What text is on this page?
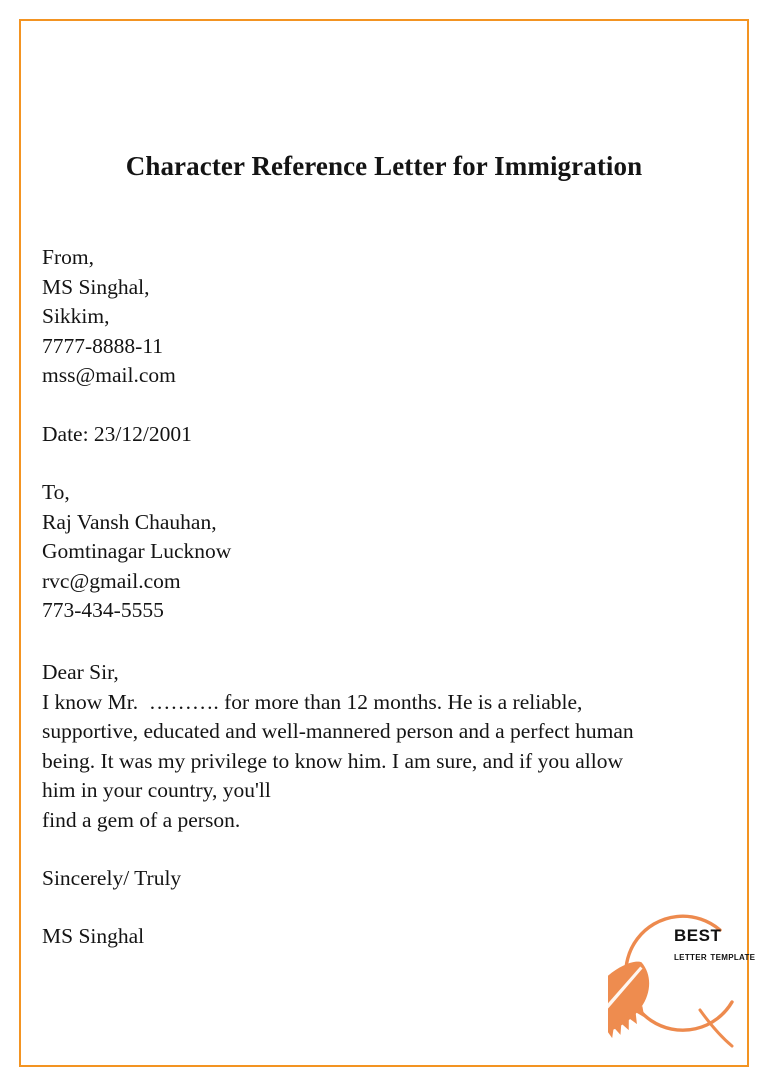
Character Reference Letter for Immigration
From,
MS Singhal,
Sikkim,
7777-8888-11
mss@mail.com
Date: 23/12/2001
To,
Raj Vansh Chauhan,
Gomtinagar Lucknow
rvc@gmail.com
773-434-5555
Dear Sir,
I know Mr.  ………. for more than 12 months. He is a reliable,
supportive, educated and well-mannered person and a perfect human
being. It was my privilege to know him. I am sure, and if you allow
him in your country, you'll
find a gem of a person.
Sincerely/ Truly
MS Singhal	best
letter template
